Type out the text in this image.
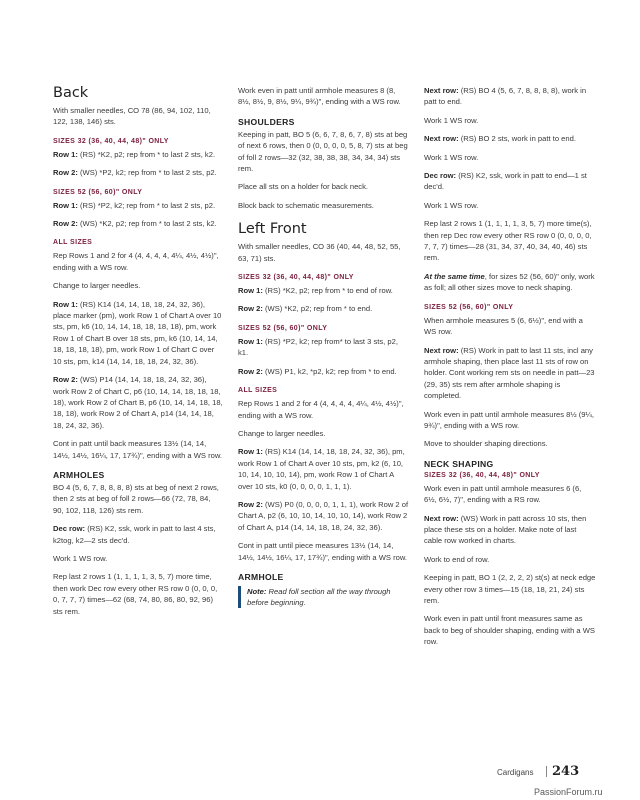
Back

With smaller needles, CO 78 (86, 94, 102, 110, 122, 138, 146) sts.

SIZES 32 (36, 40, 44, 48)" ONLY

Row 1: (RS) *K2, p2; rep from * to last 2 sts, k2.

Row 2: (WS) *P2, k2; rep from * to last 2 sts, p2.

SIZES 52 (56, 60)" ONLY

Row 1: (RS) *P2, k2; rep from * to last 2 sts, p2.

Row 2: (WS) *K2, p2; rep from * to last 2 sts, k2.

ALL SIZES

Rep Rows 1 and 2 for 4 (4, 4, 4, 4, 4¼, 4½, 4½)", ending with a WS row.

Change to larger needles.

Row 1: (RS) K14 (14, 14, 18, 18, 24, 32, 36), place marker (pm), work Row 1 of Chart A over 10 sts, pm, k6 (10, 14, 14, 18, 18, 18, 18), pm, work Row 1 of Chart B over 18 sts, pm, k6 (10, 14, 14, 18, 18, 18, 18), pm, work Row 1 of Chart C over 10 sts, pm, k14 (14, 14, 18, 18, 24, 32, 36).

Row 2: (WS) P14 (14, 14, 18, 18, 24, 32, 36), work Row 2 of Chart C, p6 (10, 14, 14, 18, 18, 18, 18), work Row 2 of Chart B, p6 (10, 14, 14, 18, 18, 18, 18), work Row 2 of Chart A, p14 (14, 14, 18, 18, 24, 32, 36).

Cont in patt until back measures 13½ (14, 14, 14½, 14½, 16¼, 17, 17¾)", ending with a WS row.

ARMHOLES

BO 4 (5, 6, 7, 8, 8, 8, 8) sts at beg of next 2 rows, then 2 sts at beg of foll 2 rows—66 (72, 78, 84, 90, 102, 118, 126) sts rem.

Dec row: (RS) K2, ssk, work in patt to last 4 sts, k2tog, k2—2 sts dec'd.

Work 1 WS row.

Rep last 2 rows 1 (1, 1, 1, 1, 3, 5, 7) more time, then work Dec row every other RS row 0 (0, 0, 0, 0, 7, 7, 7) times—62 (68, 74, 80, 86, 80, 92, 96) sts rem.

Work even in patt until armhole measures 8 (8, 8½, 8½, 9, 8½, 9¼, 9¾)", ending with a WS row.

SHOULDERS

Keeping in patt, BO 5 (6, 6, 7, 8, 6, 7, 8) sts at beg of next 6 rows, then 0 (0, 0, 0, 0, 5, 8, 7) sts at beg of foll 2 rows—32 (32, 38, 38, 38, 34, 34, 34) sts rem.

Place all sts on a holder for back neck.

Block back to schematic measurements.

Left Front

With smaller needles, CO 36 (40, 44, 48, 52, 55, 63, 71) sts.

SIZES 32 (36, 40, 44, 48)" ONLY

Row 1: (RS) *K2, p2; rep from * to end of row.

Row 2: (WS) *K2, p2; rep from * to end.

SIZES 52 (56, 60)" ONLY

Row 1: (RS) *P2, k2; rep from* to last 3 sts, p2, k1.

Row 2: (WS) P1, k2, *p2, k2; rep from * to end.

ALL SIZES

Rep Rows 1 and 2 for 4 (4, 4, 4, 4, 4¼, 4½, 4½)", ending with a WS row.

Change to larger needles.

Row 1: (RS) K14 (14, 14, 18, 18, 24, 32, 36), pm, work Row 1 of Chart A over 10 sts, pm, k2 (6, 10, 10, 14, 10, 10, 14), pm, work Row 1 of Chart A over 10 sts, k0 (0, 0, 0, 0, 1, 1, 1).

Row 2: (WS) P0 (0, 0, 0, 0, 1, 1, 1), work Row 2 of Chart A, p2 (6, 10, 10, 14, 10, 10, 14), work Row 2 of Chart A, p14 (14, 14, 18, 18, 24, 32, 36).

Cont in patt until piece measures 13½ (14, 14, 14½, 14½, 16¼, 17, 17¾)", ending with a WS row.

ARMHOLE
Note: Read foll section all the way through before beginning.

Next row: (RS) BO 4 (5, 6, 7, 8, 8, 8, 8), work in patt to end.

Work 1 WS row.

Next row: (RS) BO 2 sts, work in patt to end.

Work 1 WS row.

Dec row: (RS) K2, ssk, work in patt to end—1 st dec'd.

Work 1 WS row.

Rep last 2 rows 1 (1, 1, 1, 1, 3, 5, 7) more time(s), then rep Dec row every other RS row 0 (0, 0, 0, 0, 7, 7, 7) times—28 (31, 34, 37, 40, 34, 40, 46) sts rem.

At the same time, for sizes 52 (56, 60)" only, work as foll; all other sizes move to neck shaping.

SIZES 52 (56, 60)" ONLY

When armhole measures 5 (6, 6½)", end with a WS row.

Next row: (RS) Work in patt to last 11 sts, incl any armhole shaping, then place last 11 sts of row on holder. Cont working rem sts on needle in patt—23 (29, 35) sts rem after armhole shaping is completed.

Work even in patt until armhole measures 8½ (9¼, 9¾)", ending with a WS row.

Move to shoulder shaping directions.

NECK SHAPING
SIZES 32 (36, 40, 44, 48)" ONLY

Work even in patt until armhole measures 6 (6, 6½, 6½, 7)", ending with a RS row.

Next row: (WS) Work in patt across 10 sts, then place these sts on a holder. Make note of last cable row worked in charts.

Work to end of row.

Keeping in patt, BO 1 (2, 2, 2, 2) st(s) at neck edge every other row 3 times—15 (18, 18, 21, 24) sts rem.

Work even in patt until front measures same as back to beg of shoulder shaping, ending with a WS row.

Cardigans 243
PassionForum.ru
